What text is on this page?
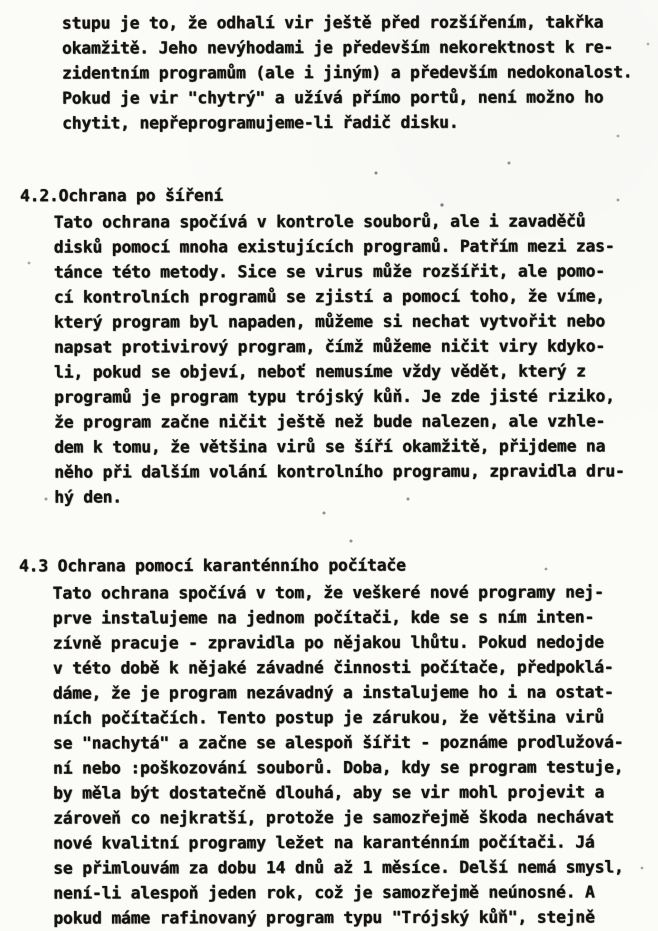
stupu je to, že odhalí vir ještě před rozšířením, takřka
okamžitě. Jeho nevýhodami je především nekorektnost k re-
zidentním programům (ale i jiným) a především nedokonalost.
Pokud je vir "chytrý" a užívá přímo portů, není možno ho
chytit, nepřeprogramujeme-li řadič disku.
4.2.Ochrana po šíření
Tato ochrana spočívá v kontrole souborů, ale i zavaděčů
disků pomocí mnoha existujících programů. Patřím mezi zas-
tánce této metody. Sice se virus může rozšířit, ale pomo-
cí kontrolních programů se zjistí a pomocí toho, že víme,
který program byl napaden, můžeme si nechat vytvořit nebo
napsat protivirový program, čímž můžeme ničit viry kdyko-
li, pokud se objeví, neboť nemusíme vždy vědět, který z
programů je program typu trójský kůň. Je zde jisté riziko,
že program začne ničit ještě než bude nalezen, ale vzhle-
dem k tomu, že většina virů se šíří okamžitě, přijdeme na
něho při dalším volání kontrolního programu, zpravidla dru-
hý den.
4.3 Ochrana pomocí karanténního počítače
Tato ochrana spočívá v tom, že veškeré nové programy nej-
prve instalujeme na jednom počítači, kde se s ním inten-
zívně pracuje - zpravidla po nějakou lhůtu. Pokud nedojde
v této době k nějaké závadné činnosti počítače, předpoklá-
dáme, že je program nezávadný a instalujeme ho i na ostat-
ních počítačích. Tento postup je zárukou, že většina virů
se "nachytá" a začne se alespoň šířit - poznáme prodlužová-
ní nebo :poškozování souborů. Doba, kdy se program testuje,
by měla být dostatečně dlouhá, aby se vir mohl projevit a
zároveň co nejkratší, protože je samozřejmě škoda nechávat
nové kvalitní programy ležet na karanténním počítači. Já
se přimlouvám za dobu 14 dnů až 1 měsíce. Delší nemá smysl,
není-li alespoň jeden rok, což je samozřejmě neúnosné. A
pokud máme rafinovaný program typu "Trójský kůň", stejně
